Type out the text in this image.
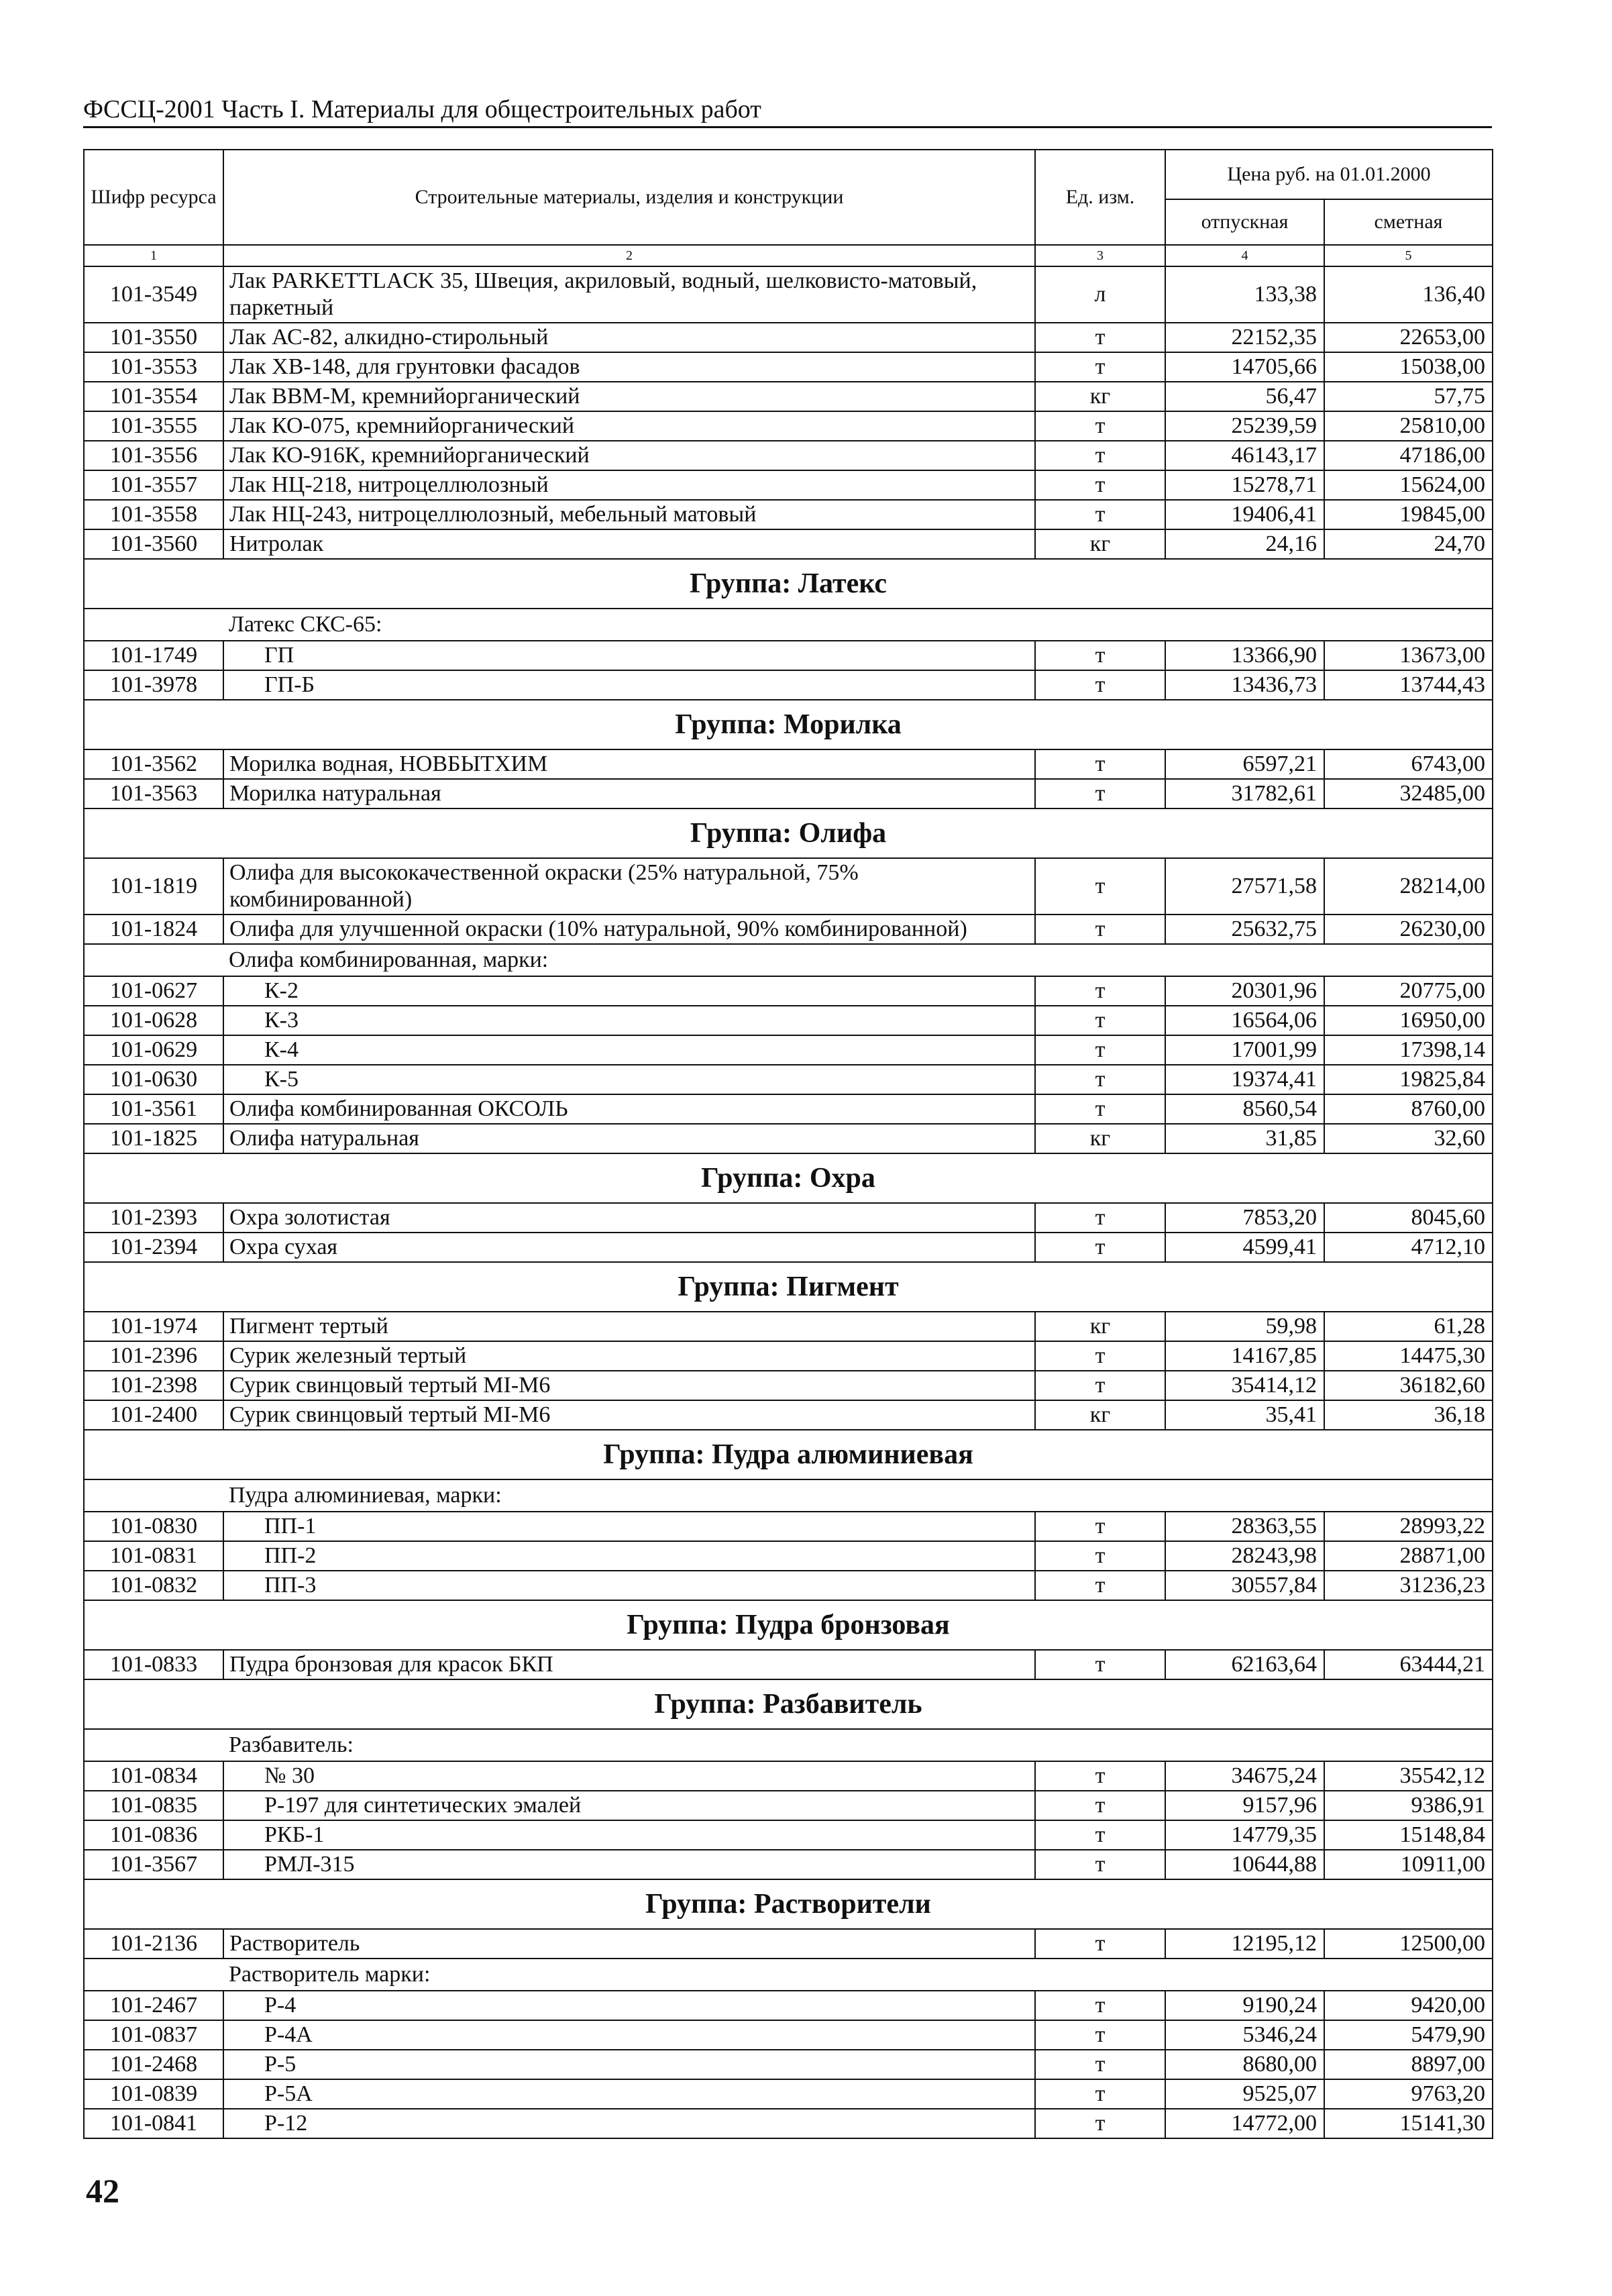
ФССЦ-2001 Часть I. Материалы для общестроительных работ
Шифр ресурса	Строительные материалы, изделия и конструкции	Ед. изм.	Цена руб. на 01.01.2000	
			отпускная	сметная
1	2	3	4	5
101-3549	Лак PARKETTLACK 35, Швеция, акриловый, водный, шелковисто-матовый, паркетный	л	133,38	136,40
101-3550	Лак АС-82, алкидно-стирольный	т	22152,35	22653,00
101-3553	Лак ХВ-148, для грунтовки фасадов	т	14705,66	15038,00
101-3554	Лак ВВМ-М, кремнийорганический	кг	56,47	57,75
101-3555	Лак КО-075, кремнийорганический	т	25239,59	25810,00
101-3556	Лак КО-916К, кремнийорганический	т	46143,17	47186,00
101-3557	Лак НЦ-218, нитроцеллюлозный	т	15278,71	15624,00
101-3558	Лак НЦ-243, нитроцеллюлозный, мебельный матовый	т	19406,41	19845,00
101-3560	Нитролак	кг	24,16	24,70
Группа: Латекс				
	Латекс СКС-65:			
101-1749	ГП	т	13366,90	13673,00
101-3978	ГП-Б	т	13436,73	13744,43
Группа: Морилка				
101-3562	Морилка водная, НОВБЫТХИМ	т	6597,21	6743,00
101-3563	Морилка натуральная	т	31782,61	32485,00
Группа: Олифа				
101-1819	Олифа для высококачественной окраски (25% натуральной, 75% комбинированной)	т	27571,58	28214,00
101-1824	Олифа для улучшенной окраски (10% натуральной, 90% комбинированной)	т	25632,75	26230,00
	Олифа комбинированная, марки:			
101-0627	К-2	т	20301,96	20775,00
101-0628	К-3	т	16564,06	16950,00
101-0629	К-4	т	17001,99	17398,14
101-0630	К-5	т	19374,41	19825,84
101-3561	Олифа комбинированная ОКСОЛЬ	т	8560,54	8760,00
101-1825	Олифа натуральная	кг	31,85	32,60
Группа: Охра				
101-2393	Охра золотистая	т	7853,20	8045,60
101-2394	Охра сухая	т	4599,41	4712,10
Группа: Пигмент				
101-1974	Пигмент тертый	кг	59,98	61,28
101-2396	Сурик железный тертый	т	14167,85	14475,30
101-2398	Сурик свинцовый тертый МI-М6	т	35414,12	36182,60
101-2400	Сурик свинцовый тертый МI-М6	кг	35,41	36,18
Группа: Пудра алюминиевая				
	Пудра алюминиевая, марки:			
101-0830	ПП-1	т	28363,55	28993,22
101-0831	ПП-2	т	28243,98	28871,00
101-0832	ПП-3	т	30557,84	31236,23
Группа: Пудра бронзовая				
101-0833	Пудра бронзовая для красок БКП	т	62163,64	63444,21
Группа: Разбавитель				
	Разбавитель:			
101-0834	№ 30	т	34675,24	35542,12
101-0835	Р-197 для синтетических эмалей	т	9157,96	9386,91
101-0836	РКБ-1	т	14779,35	15148,84
101-3567	РМЛ-315	т	10644,88	10911,00
Группа: Растворители				
101-2136	Растворитель	т	12195,12	12500,00
	Растворитель марки:			
101-2467	Р-4	т	9190,24	9420,00
101-0837	Р-4А	т	5346,24	5479,90
101-2468	Р-5	т	8680,00	8897,00
101-0839	Р-5А	т	9525,07	9763,20
101-0841	Р-12	т	14772,00	15141,30
42
